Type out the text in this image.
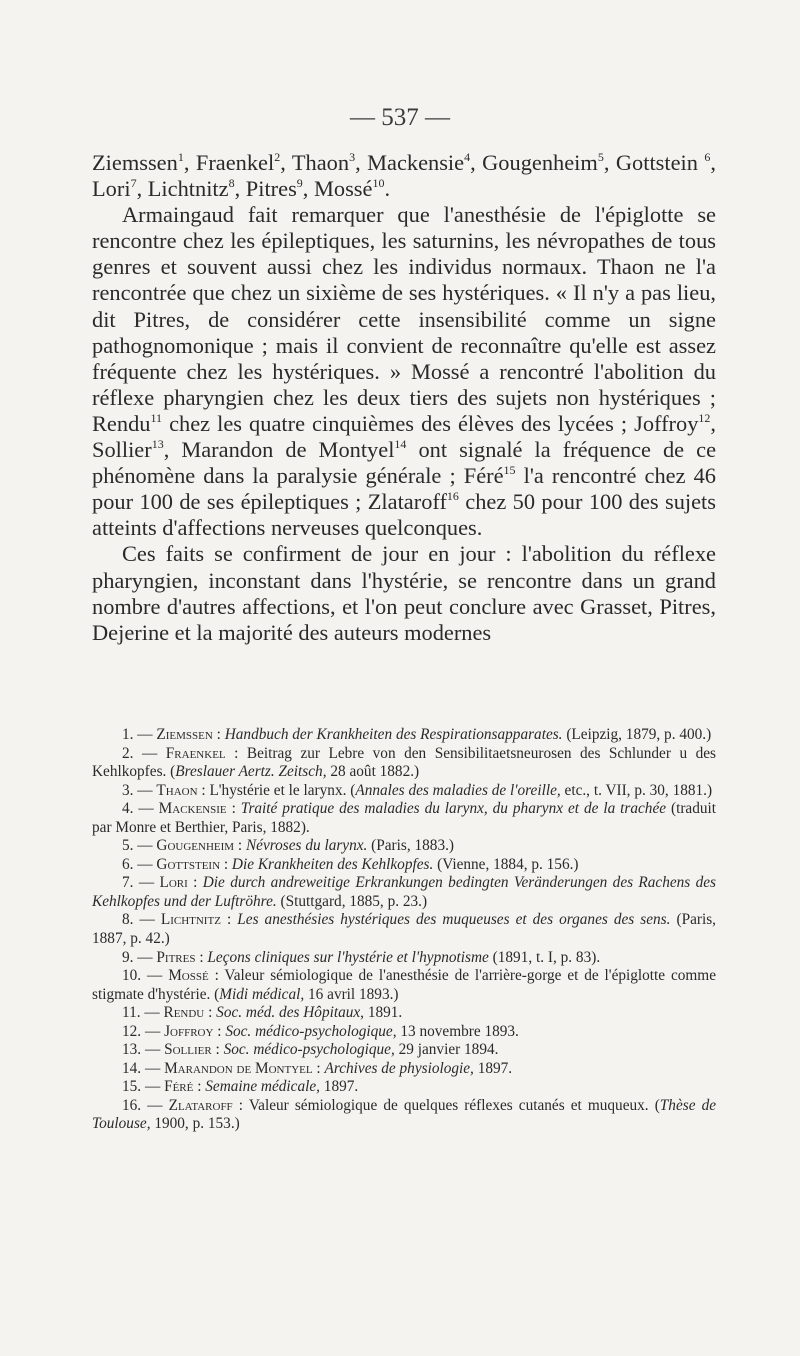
— 537 —

Ziemssen$^1$, Fraenkel$^2$, Thaon$^3$, Mackensie$^4$, Gougenheim$^5$, Gottstein $^6$, Lori$^7$, Lichtnitz$^8$, Pitres$^9$, Mossé$^{10}$.

Armaingaud fait remarquer que l'anesthésie de l'épiglotte se rencontre chez les épileptiques, les saturnins, les névropathes de tous genres et souvent aussi chez les individus normaux. Thaon ne l'a rencontrée que chez un sixième de ses hystériques. « Il n'y a pas lieu, dit Pitres, de considérer cette insensibilité comme un signe pathognomonique ; mais il convient de reconnaître qu'elle est assez fréquente chez les hystériques. » Mossé a rencontré l'abolition du réflexe pharyngien chez les deux tiers des sujets non hystériques ; Rendu$^{11}$ chez les quatre cinquièmes des élèves des lycées ; Joffroy$^{12}$, Sollier$^{13}$, Marandon de Montyel$^{14}$ ont signalé la fréquence de ce phénomène dans la paralysie générale ; Féré$^{15}$ l'a rencontré chez 46 pour 100 de ses épileptiques ; Zlataroff$^{16}$ chez 50 pour 100 des sujets atteints d'affections nerveuses quelconques.

Ces faits se confirment de jour en jour : l'abolition du réflexe pharyngien, inconstant dans l'hystérie, se rencontre dans un grand nombre d'autres affections, et l'on peut conclure avec Grasset, Pitres, Dejerine et la majorité des auteurs modernes

1. — Ziemssen : Handbuch der Krankheiten des Respirationsapparates. (Leipzig, 1879, p. 400.)

2. — Fraenkel : Beitrag zur Lebre von den Sensibilitaetsneurosen des Schlunder u des Kehlkopfes. (Breslauer Aertz. Zeitsch, 28 août 1882.)

3. — Thaon : L'hystérie et le larynx. (Annales des maladies de l'oreille, etc., t. VII, p. 30, 1881.)

4. — Mackensie : Traité pratique des maladies du larynx, du pharynx et de la trachée (traduit par Monre et Berthier, Paris, 1882).

5. — Gougenheim : Névroses du larynx. (Paris, 1883.)

6. — Gottstein : Die Krankheiten des Kehlkopfes. (Vienne, 1884, p. 156.)

7. — Lori : Die durch andreweitige Erkrankungen bedingten Veränderungen des Rachens des Kehlkopfes und der Luftröhre. (Stuttgard, 1885, p. 23.)

8. — Lichtnitz : Les anesthésies hystériques des muqueuses et des organes des sens. (Paris, 1887, p. 42.)

9. — Pitres : Leçons cliniques sur l'hystérie et l'hypnotisme (1891, t. I, p. 83).

10. — Mossé : Valeur sémiologique de l'anesthésie de l'arrière-gorge et de l'épiglotte comme stigmate d'hystérie. (Midi médical, 16 avril 1893.)

11. — Rendu : Soc. méd. des Hôpitaux, 1891.

12. — Joffroy : Soc. médico-psychologique, 13 novembre 1893.

13. — Sollier : Soc. médico-psychologique, 29 janvier 1894.

14. — Marandon de Montyel : Archives de physiologie, 1897.

15. — Féré : Semaine médicale, 1897.

16. — Zlataroff : Valeur sémiologique de quelques réflexes cutanés et muqueux. (Thèse de Toulouse, 1900, p. 153.)
